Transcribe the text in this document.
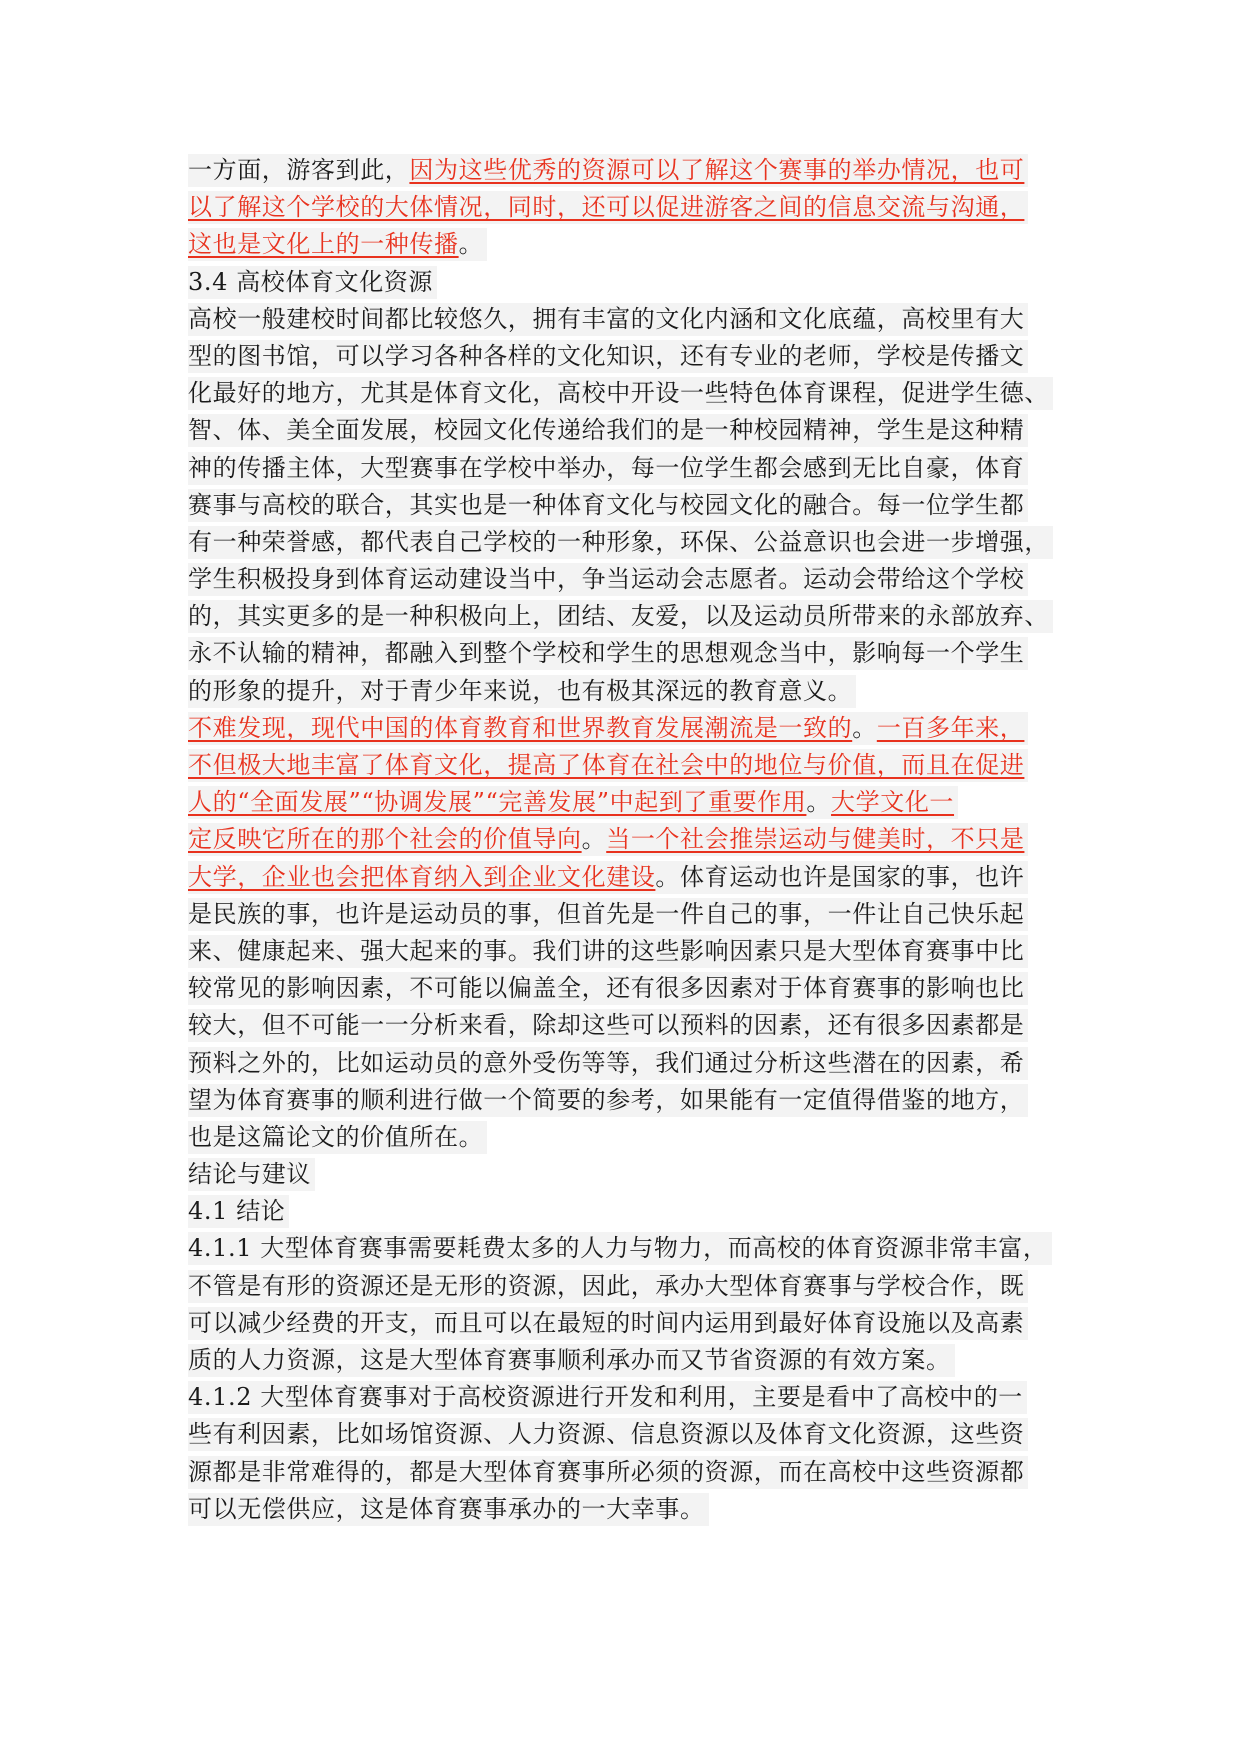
一方面，游客到此，因为这些优秀的资源可以了解这个赛事的举办情况，也可
以了解这个学校的大体情况，同时，还可以促进游客之间的信息交流与沟通，
这也是文化上的一种传播。
3.4 高校体育文化资源
高校一般建校时间都比较悠久，拥有丰富的文化内涵和文化底蕴，高校里有大
型的图书馆，可以学习各种各样的文化知识，还有专业的老师，学校是传播文
化最好的地方，尤其是体育文化，高校中开设一些特色体育课程，促进学生德、
智、体、美全面发展，校园文化传递给我们的是一种校园精神，学生是这种精
神的传播主体，大型赛事在学校中举办，每一位学生都会感到无比自豪，体育
赛事与高校的联合，其实也是一种体育文化与校园文化的融合。每一位学生都
有一种荣誉感，都代表自己学校的一种形象，环保、公益意识也会进一步增强，
学生积极投身到体育运动建设当中，争当运动会志愿者。运动会带给这个学校
的，其实更多的是一种积极向上，团结、友爱，以及运动员所带来的永部放弃、
永不认输的精神，都融入到整个学校和学生的思想观念当中，影响每一个学生
的形象的提升，对于青少年来说，也有极其深远的教育意义。
不难发现，现代中国的体育教育和世界教育发展潮流是一致的。一百多年来，
不但极大地丰富了体育文化，提高了体育在社会中的地位与价值，而且在促进
人的“全面发展”“协调发展”“完善发展”中起到了重要作用。大学文化一
定反映它所在的那个社会的价值导向。当一个社会推崇运动与健美时，不只是
大学，企业也会把体育纳入到企业文化建设。体育运动也许是国家的事，也许
是民族的事，也许是运动员的事，但首先是一件自己的事，一件让自己快乐起
来、健康起来、强大起来的事。我们讲的这些影响因素只是大型体育赛事中比
较常见的影响因素，不可能以偏盖全，还有很多因素对于体育赛事的影响也比
较大，但不可能一一分析来看，除却这些可以预料的因素，还有很多因素都是
预料之外的，比如运动员的意外受伤等等，我们通过分析这些潜在的因素，希
望为体育赛事的顺利进行做一个简要的参考，如果能有一定值得借鉴的地方，
也是这篇论文的价值所在。
结论与建议
4.1 结论
4.1.1 大型体育赛事需要耗费太多的人力与物力，而高校的体育资源非常丰富，
不管是有形的资源还是无形的资源，因此，承办大型体育赛事与学校合作，既
可以减少经费的开支，而且可以在最短的时间内运用到最好体育设施以及高素
质的人力资源，这是大型体育赛事顺利承办而又节省资源的有效方案。
4.1.2 大型体育赛事对于高校资源进行开发和利用，主要是看中了高校中的一
些有利因素，比如场馆资源、人力资源、信息资源以及体育文化资源，这些资
源都是非常难得的，都是大型体育赛事所必须的资源，而在高校中这些资源都
可以无偿供应，这是体育赛事承办的一大幸事。
